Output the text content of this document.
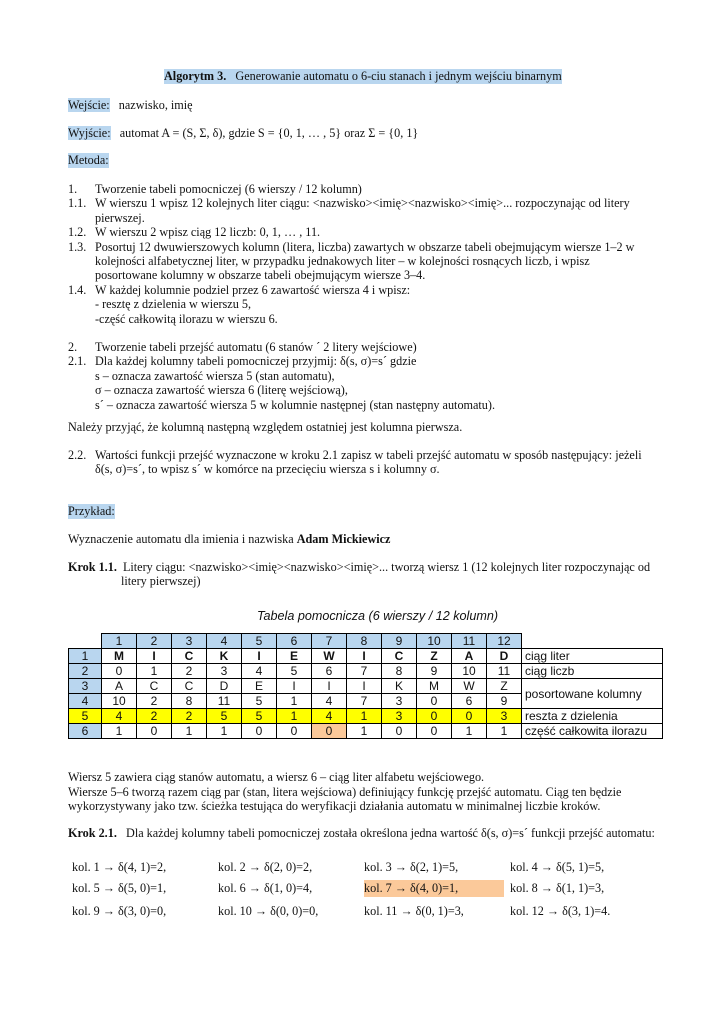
Algorytm 3. Generowanie automatu o 6-ciu stanach i jednym wejściu binarnym
Wejście: nazwisko, imię
Wyjście: automat A = (S, Σ, δ), gdzie S = {0, 1, … , 5} oraz Σ = {0, 1}
Metoda:
1. Tworzenie tabeli pomocniczej (6 wierszy / 12 kolumn)
1.1. W wierszu 1 wpisz 12 kolejnych liter ciągu: <nazwisko><imię><nazwisko><imię>... rozpoczynając od litery
pierwszej.
1.2. W wierszu 2 wpisz ciąg 12 liczb: 0, 1, … , 11.
1.3. Posortuj 12 dwuwierszowych kolumn (litera, liczba) zawartych w obszarze tabeli obejmującym wiersze 1–2 w
kolejności alfabetycznej liter, w przypadku jednakowych liter – w kolejności rosnących liczb, i wpisz
posortowane kolumny w obszarze tabeli obejmującym wiersze 3–4.
1.4. W każdej kolumnie podziel przez 6 zawartość wiersza 4 i wpisz:
- resztę z dzielenia w wierszu 5,
-część całkowitą ilorazu w wierszu 6.
2. Tworzenie tabeli przejść automatu (6 stanów ´ 2 litery wejściowe)
2.1. Dla każdej kolumny tabeli pomocniczej przyjmij: δ(s, σ)=s´ gdzie
s – oznacza zawartość wiersza 5 (stan automatu),
σ – oznacza zawartość wiersza 6 (literę wejściową),
s´ – oznacza zawartość wiersza 5 w kolumnie następnej (stan następny automatu).
Należy przyjąć, że kolumną następną względem ostatniej jest kolumna pierwsza.
2.2. Wartości funkcji przejść wyznaczone w kroku 2.1 zapisz w tabeli przejść automatu w sposób następujący: jeżeli
δ(s, σ)=s´, to wpisz s´ w komórce na przecięciu wiersza s i kolumny σ.
Przykład:
Wyznaczenie automatu dla imienia i nazwiska Adam Mickiewicz
Krok 1.1. Litery ciągu: <nazwisko><imię><nazwisko><imię>... tworzą wiersz 1 (12 kolejnych liter rozpoczynając od
litery pierwszej)
Tabela pomocnicza (6 wierszy / 12 kolumn)
	1	2	3	4	5	6	7	8	9	10	11	12	
1	M	I	C	K	I	E	W	I	C	Z	A	D	ciąg liter
2	0	1	2	3	4	5	6	7	8	9	10	11	ciąg liczb
3	A	C	C	D	E	I	I	I	K	M	W	Z	posortowane kolumny
4	10	2	8	11	5	1	4	7	3	0	6	9	
5	4	2	2	5	5	1	4	1	3	0	0	3	reszta z dzielenia
6	1	0	1	1	0	0	0	1	0	0	1	1	część całkowita ilorazu
Wiersz 5 zawiera ciąg stanów automatu, a wiersz 6 – ciąg liter alfabetu wejściowego.
Wiersze 5–6 tworzą razem ciąg par (stan, litera wejściowa) definiujący funkcję przejść automatu. Ciąg ten będzie
wykorzystywany jako tzw. ścieżka testująca do weryfikacji działania automatu w minimalnej liczbie kroków.
Krok 2.1. Dla każdej kolumny tabeli pomocniczej została określona jedna wartość δ(s, σ)=s´ funkcji przejść automatu:
kol. 1 → δ(4, 1)=2,	kol. 2 → δ(2, 0)=2,	kol. 3 → δ(2, 1)=5,	kol. 4 → δ(5, 1)=5,
kol. 5 → δ(5, 0)=1,	kol. 6 → δ(1, 0)=4,	kol. 7 → δ(4, 0)=1,	kol. 8 → δ(1, 1)=3,
kol. 9 → δ(3, 0)=0,	kol. 10 → δ(0, 0)=0,	kol. 11 → δ(0, 1)=3,	kol. 12 → δ(3, 1)=4.
